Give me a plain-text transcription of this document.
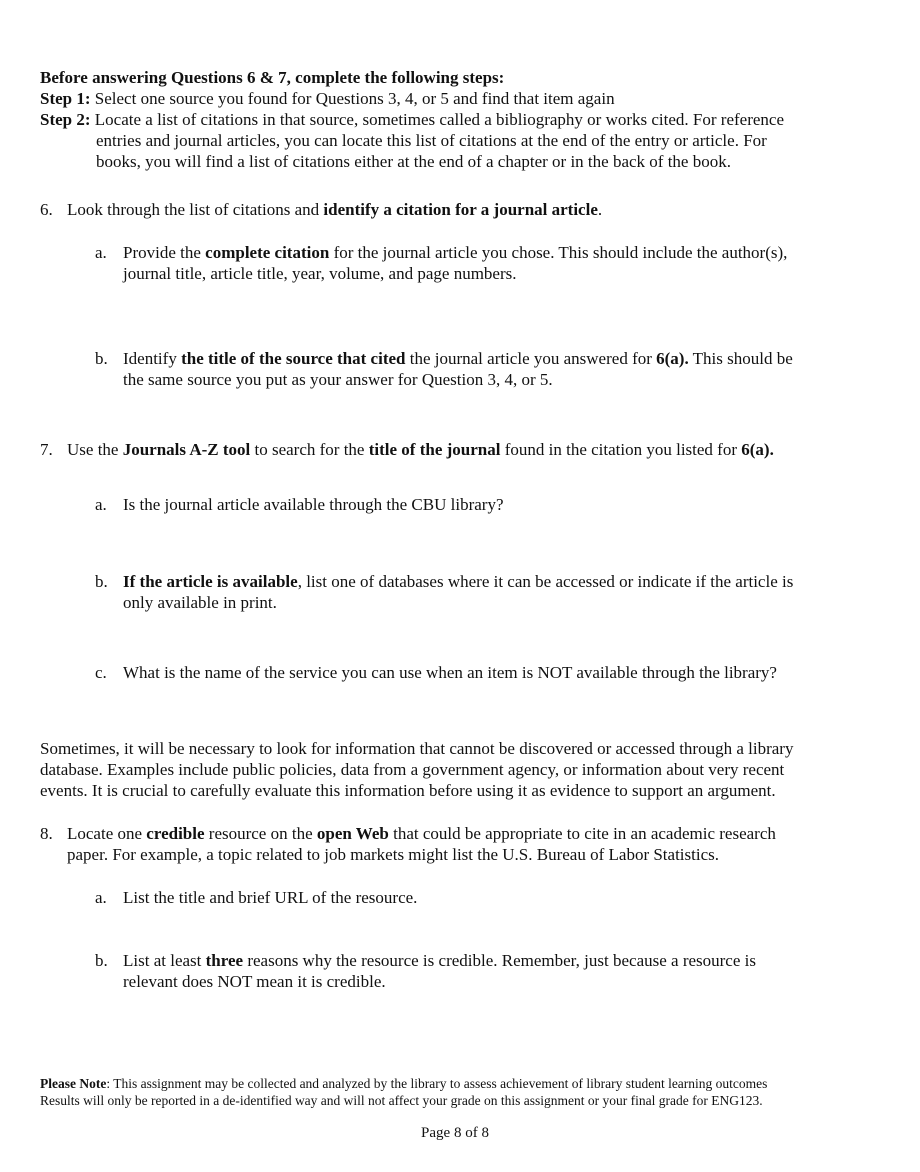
Before answering Questions 6 & 7, complete the following steps:
Step 1: Select one source you found for Questions 3, 4, or 5 and find that item again
Step 2: Locate a list of citations in that source, sometimes called a bibliography or works cited. For reference
entries and journal articles, you can locate this list of citations at the end of the entry or article. For
books, you will find a list of citations either at the end of a chapter or in the back of the book.
6. Look through the list of citations and identify a citation for a journal article.
a. Provide the complete citation for the journal article you chose. This should include the author(s),
journal title, article title, year, volume, and page numbers.
b. Identify the title of the source that cited the journal article you answered for 6(a). This should be
the same source you put as your answer for Question 3, 4, or 5.
7. Use the Journals A-Z tool to search for the title of the journal found in the citation you listed for 6(a).
a. Is the journal article available through the CBU library?
b. If the article is available, list one of databases where it can be accessed or indicate if the article is
only available in print.
c. What is the name of the service you can use when an item is NOT available through the library?
Sometimes, it will be necessary to look for information that cannot be discovered or accessed through a library
database. Examples include public policies, data from a government agency, or information about very recent
events. It is crucial to carefully evaluate this information before using it as evidence to support an argument.
8. Locate one credible resource on the open Web that could be appropriate to cite in an academic research
paper. For example, a topic related to job markets might list the U.S. Bureau of Labor Statistics.
a. List the title and brief URL of the resource.
b. List at least three reasons why the resource is credible. Remember, just because a resource is
relevant does NOT mean it is credible.
Please Note: This assignment may be collected and analyzed by the library to assess achievement of library student learning outcomes
Results will only be reported in a de-identified way and will not affect your grade on this assignment or your final grade for ENG123.
Page 8 of 8
